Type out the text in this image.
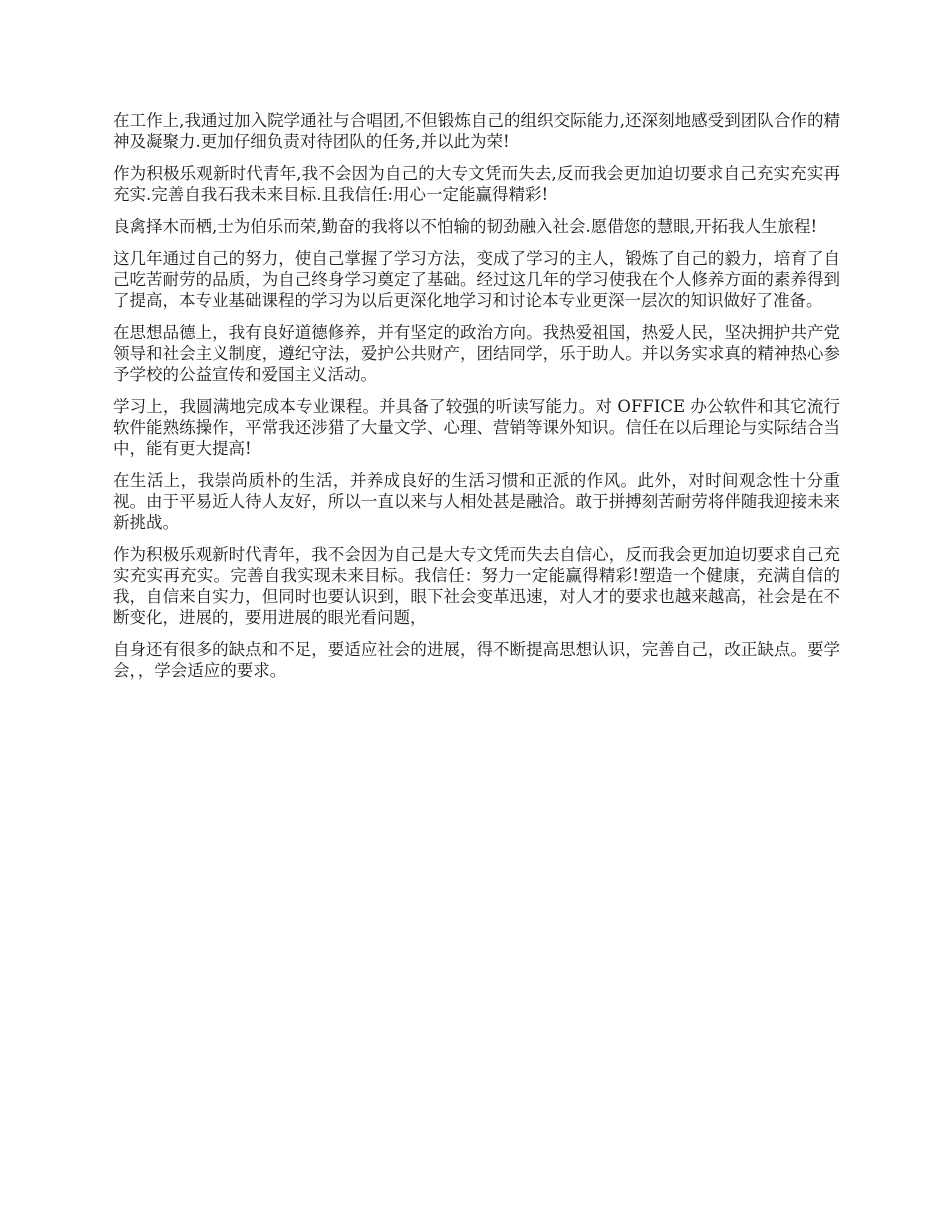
在工作上,我通过加入院学通社与合唱团,不但锻炼自己的组织交际能力,还深刻地感受到团队合作的精神及凝聚力.更加仔细负责对待团队的任务,并以此为荣!

作为积极乐观新时代青年,我不会因为自己的大专文凭而失去,反而我会更加迫切要求自己充实充实再充实.完善自我石我未来目标.且我信任:用心一定能赢得精彩!

良禽择木而栖,士为伯乐而荣,勤奋的我将以不怕输的韧劲融入社会.愿借您的慧眼,开拓我人生旅程!

这几年通过自己的努力，使自己掌握了学习方法，变成了学习的主人，锻炼了自己的毅力，培育了自己吃苦耐劳的品质，为自己终身学习奠定了基础。经过这几年的学习使我在个人修养方面的素养得到了提高，本专业基础课程的学习为以后更深化地学习和讨论本专业更深一层次的知识做好了准备。

在思想品德上，我有良好道德修养，并有坚定的政治方向。我热爱祖国，热爱人民，坚决拥护共产党领导和社会主义制度，遵纪守法，爱护公共财产，团结同学，乐于助人。并以务实求真的精神热心参予学校的公益宣传和爱国主义活动。

学习上，我圆满地完成本专业课程。并具备了较强的听读写能力。对 OFFICE 办公软件和其它流行软件能熟练操作，平常我还涉猎了大量文学、心理、营销等课外知识。信任在以后理论与实际结合当中，能有更大提高!

在生活上，我崇尚质朴的生活，并养成良好的生活习惯和正派的作风。此外，对时间观念性十分重视。由于平易近人待人友好，所以一直以来与人相处甚是融洽。敢于拼搏刻苦耐劳将伴随我迎接未来新挑战。

作为积极乐观新时代青年，我不会因为自己是大专文凭而失去自信心，反而我会更加迫切要求自己充实充实再充实。完善自我实现未来目标。我信任：努力一定能赢得精彩!塑造一个健康，充满自信的我，自信来自实力，但同时也要认识到，眼下社会变革迅速，对人才的要求也越来越高，社会是在不断变化，进展的，要用进展的眼光看问题，

自身还有很多的缺点和不足，要适应社会的进展，得不断提高思想认识，完善自己，改正缺点。要学会，，学会适应的要求。
